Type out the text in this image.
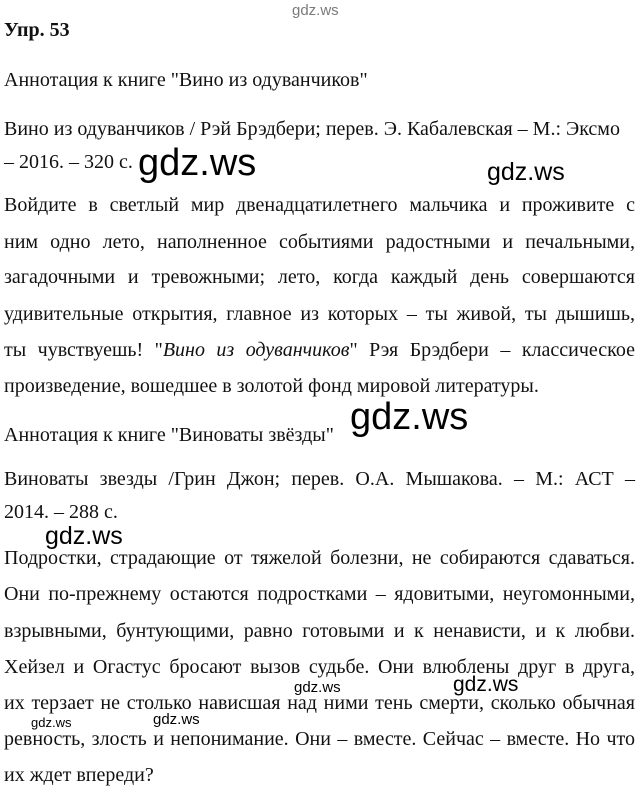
Упр. 53
Аннотация к книге "Вино из одуванчиков"
Вино из одуванчиков / Рэй Брэдбери; перев. Э. Кабалевская – М.: Эксмо
– 2016. – 320 с.
Войдите в светлый мир двенадцатилетнего мальчика и проживите с
ним одно лето, наполненное событиями радостными и печальными,
загадочными и тревожными; лето, когда каждый день совершаются
удивительные открытия, главное из которых – ты живой, ты дышишь,
ты чувствуешь! "Вино из одуванчиков" Рэя Брэдбери – классическое
произведение, вошедшее в золотой фонд мировой литературы.
Аннотация к книге "Виноваты звёзды"
Виноваты звезды /Грин Джон; перев. О.А. Мышакова. – М.: АСТ –
2014. – 288 с.
Подростки, страдающие от тяжелой болезни, не собираются сдаваться.
Они по-прежнему остаются подростками – ядовитыми, неугомонными,
взрывными, бунтующими, равно готовыми и к ненависти, и к любви.
Хейзел и Огастус бросают вызов судьбе. Они влюблены друг в друга,
их терзает не столько нависшая над ними тень смерти, сколько обычная
ревность, злость и непонимание. Они – вместе. Сейчас – вместе. Но что
их ждет впереди?
gdz.ws
gdz.ws	gdz.ws
gdz.ws
gdz.ws
gdz.ws
gdz.ws
gdz.ws
gdz.ws
